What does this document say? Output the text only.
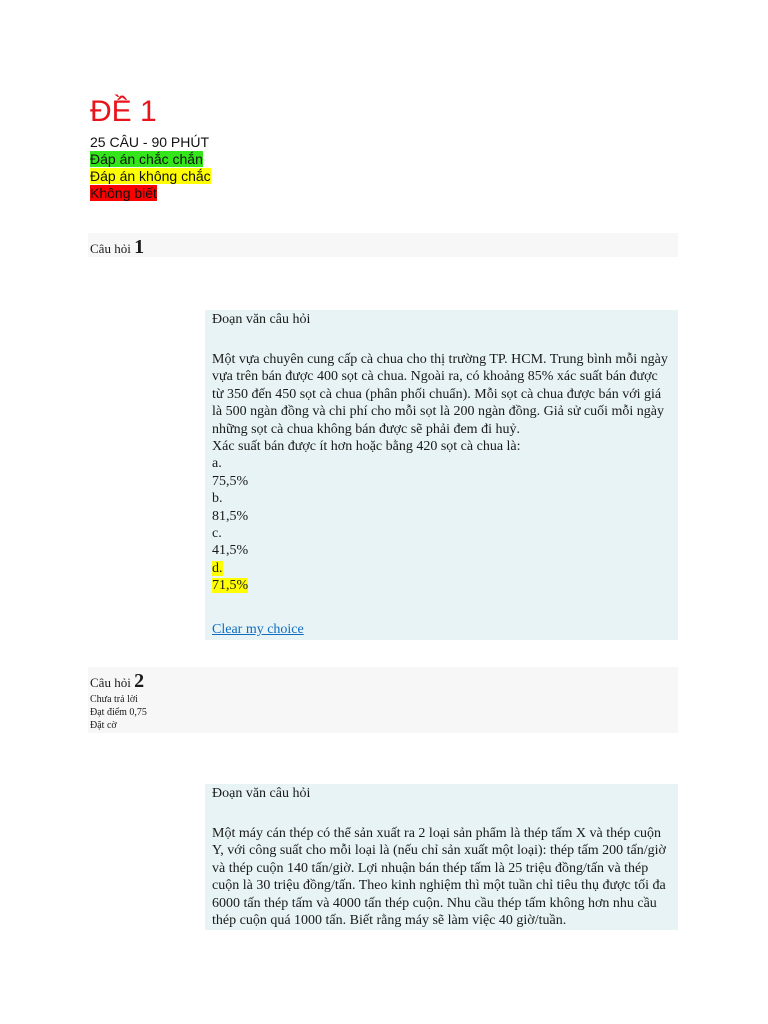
ĐỀ 1
25 CÂU - 90 PHÚT
Đáp án chắc chắn
Đáp án không chắc
Không biết
Câu hỏi 1
Đoạn văn câu hỏi
Một vựa chuyên cung cấp cà chua cho thị trường TP. HCM. Trung bình mỗi ngày vựa trên bán được 400 sọt cà chua. Ngoài ra, có khoảng 85% xác suất bán được từ 350 đến 450 sọt cà chua (phân phối chuẩn). Mỗi sọt cà chua được bán với giá là 500 ngàn đồng và chi phí cho mỗi sọt là 200 ngàn đồng. Giả sử cuối mỗi ngày những sọt cà chua không bán được sẽ phải đem đi huỷ.
Xác suất bán được ít hơn hoặc bằng 420 sọt cà chua là:
a.
75,5%
b.
81,5%
c.
41,5%
d.
71,5%
Clear my choice
Câu hỏi 2
Chưa trả lời
Đạt điểm 0,75
Đặt cờ
Đoạn văn câu hỏi
Một máy cán thép có thể sản xuất ra 2 loại sản phẩm là thép tấm X và thép cuộn Y, với công suất cho mỗi loại là (nếu chỉ sản xuất một loại): thép tấm 200 tấn/giờ và thép cuộn 140 tấn/giờ. Lợi nhuận bán thép tấm là 25 triệu đồng/tấn và thép cuộn là 30 triệu đồng/tấn. Theo kinh nghiệm thì một tuần chỉ tiêu thụ được tối đa 6000 tấn thép tấm và 4000 tấn thép cuộn. Nhu cầu thép tấm không hơn nhu cầu thép cuộn quá 1000 tấn. Biết rằng máy sẽ làm việc 40 giờ/tuần.
